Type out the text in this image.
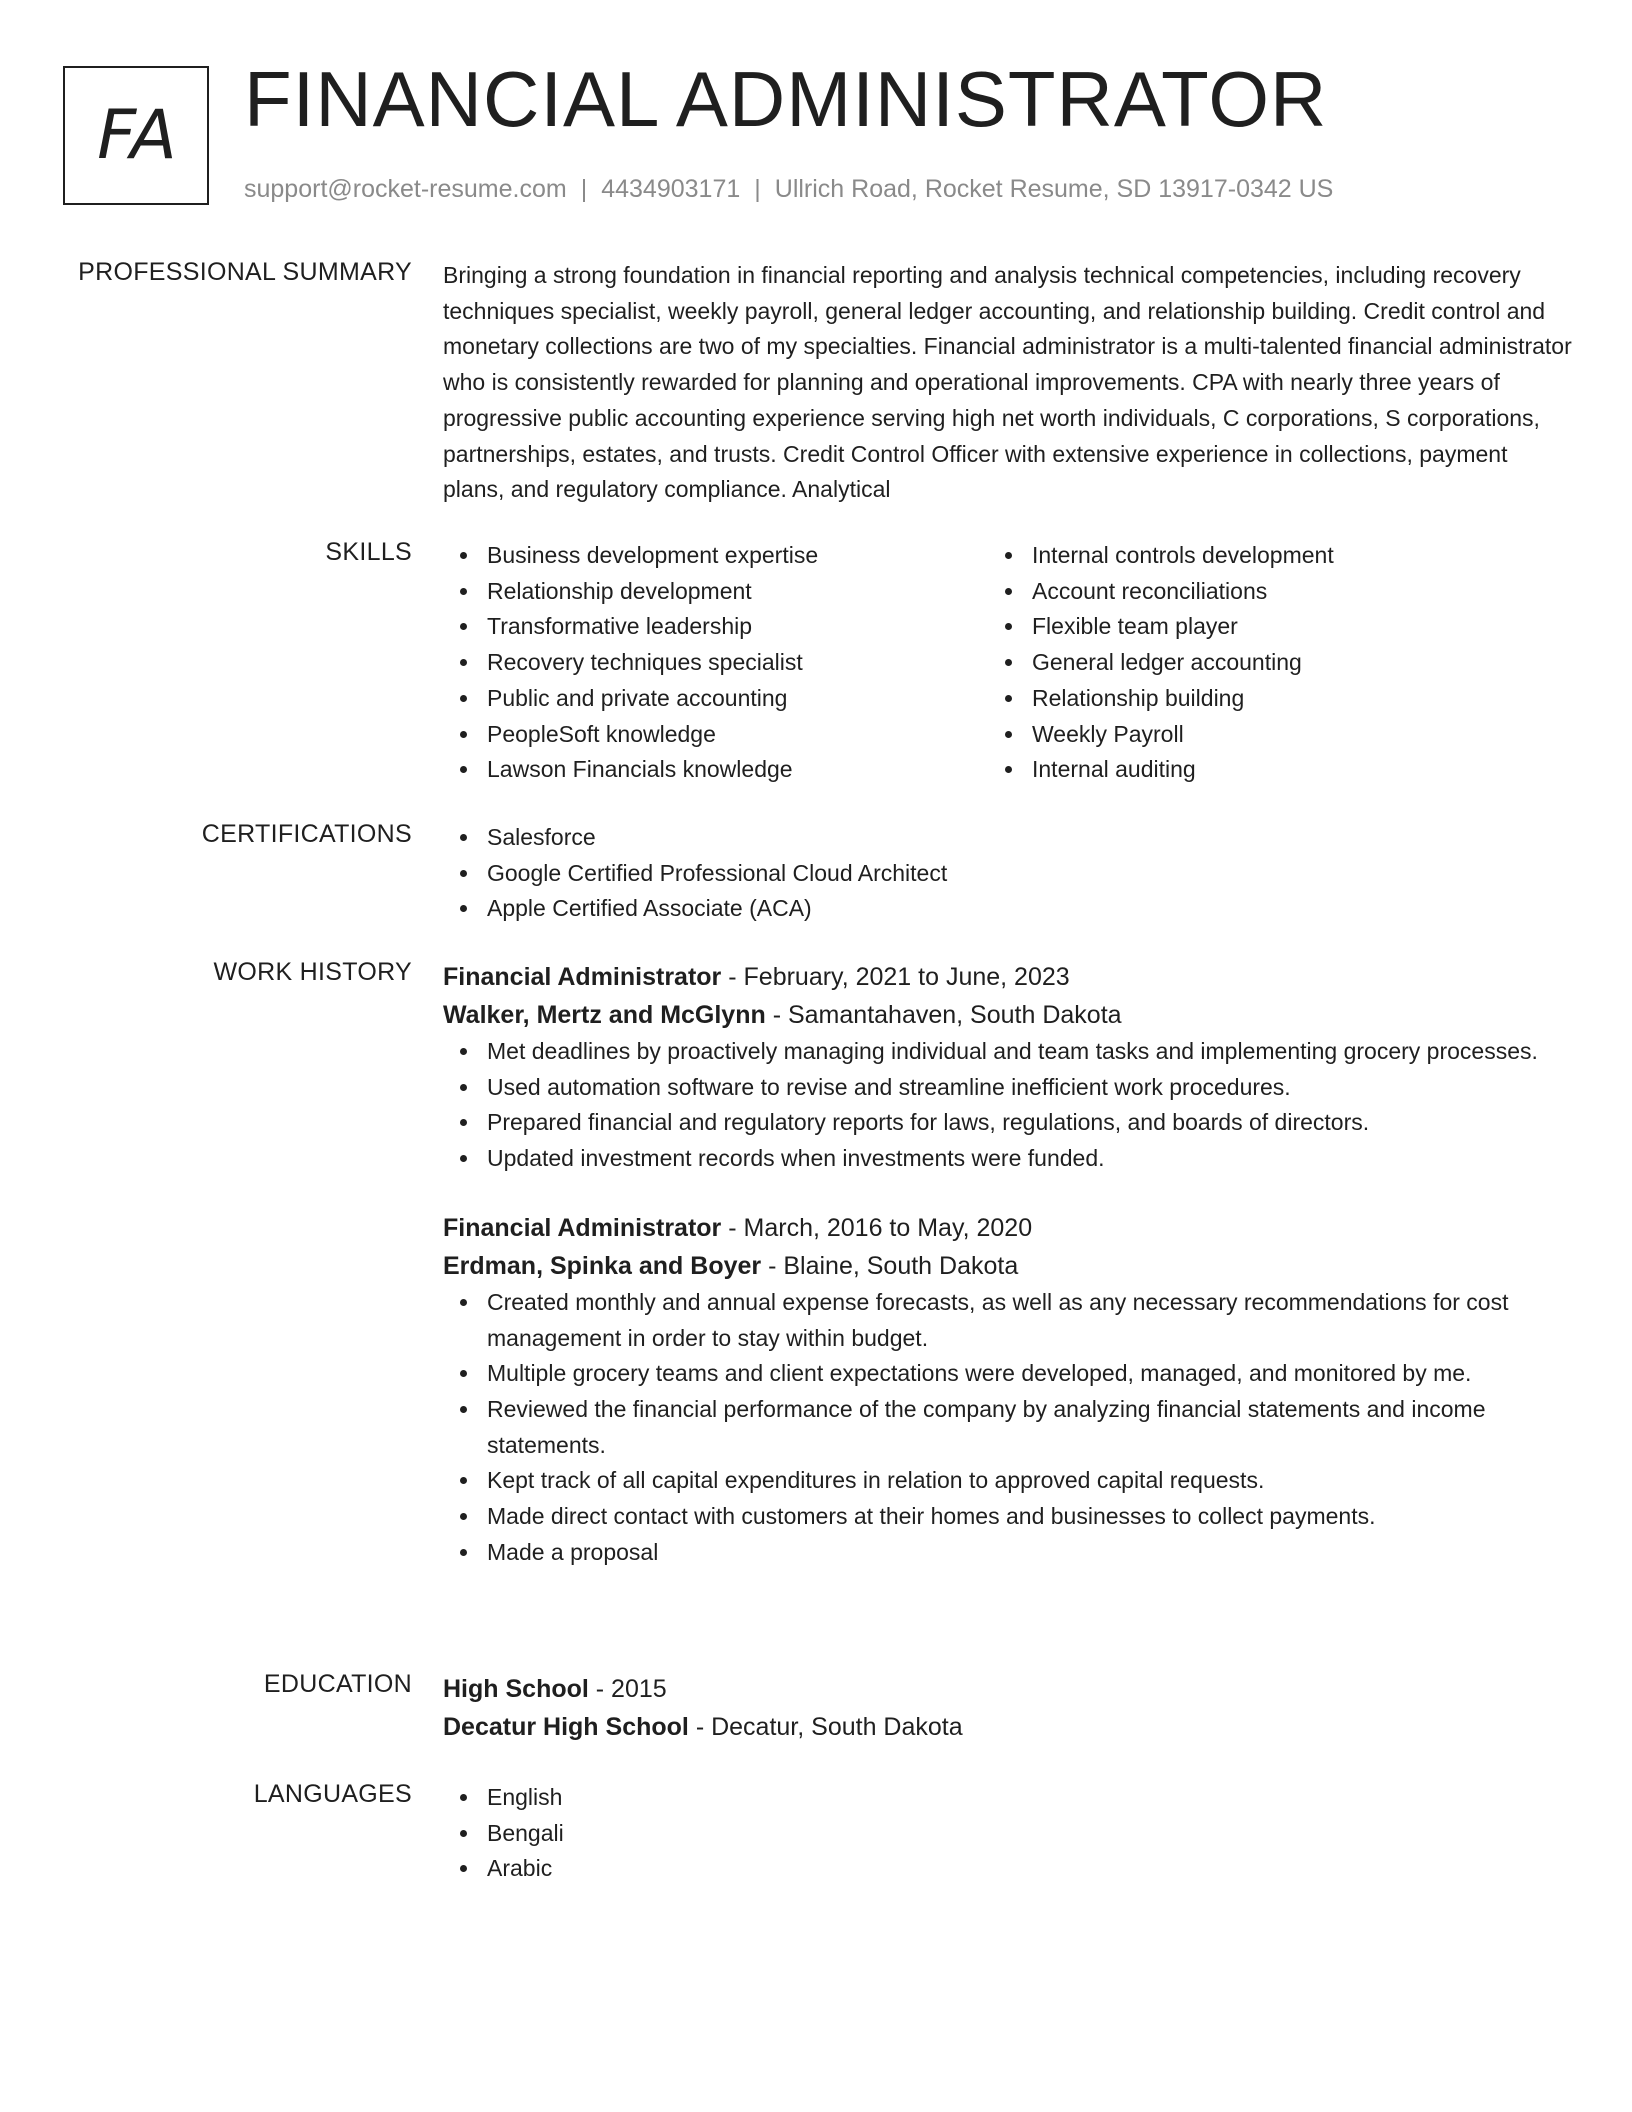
FA FINANCIAL ADMINISTRATOR
support@rocket-resume.com | 4434903171 | Ullrich Road, Rocket Resume, SD 13917-0342 US
PROFESSIONAL SUMMARY Bringing a strong foundation in financial reporting and analysis technical competencies, including recovery techniques specialist, weekly payroll, general ledger accounting, and relationship building. Credit control and monetary collections are two of my specialties. Financial administrator is a multi-talented financial administrator who is consistently rewarded for planning and operational improvements. CPA with nearly three years of progressive public accounting experience serving high net worth individuals, C corporations, S corporations, partnerships, estates, and trusts. Credit Control Officer with extensive experience in collections, payment plans, and regulatory compliance. Analytical

SKILLS	Business development expertise
Relationship development
Transformative leadership
Recovery techniques specialist
Public and private accounting
PeopleSoft knowledge
Lawson Financials knowledge
Internal controls development
Account reconciliations
Flexible team player
General ledger accounting
Relationship building
Weekly Payroll
Internal auditing
CERTIFICATIONS	Salesforce
Google Certified Professional Cloud Architect
Apple Certified Associate (ACA)
WORK HISTORY Financial Administrator - February, 2021 to June, 2023
Walker, Mertz and McGlynn - Samantahaven, South Dakota
Met deadlines by proactively managing individual and team tasks and implementing grocery processes.
Used automation software to revise and streamline inefficient work procedures.
Prepared financial and regulatory reports for laws, regulations, and boards of directors.
Updated investment records when investments were funded.
Financial Administrator - March, 2016 to May, 2020
Erdman, Spinka and Boyer - Blaine, South Dakota
Created monthly and annual expense forecasts, as well as any necessary recommendations for cost management in order to stay within budget.
Multiple grocery teams and client expectations were developed, managed, and monitored by me.
Reviewed the financial performance of the company by analyzing financial statements and income statements.
Kept track of all capital expenditures in relation to approved capital requests.
Made direct contact with customers at their homes and businesses to collect payments.
Made a proposal
EDUCATION High School - 2015
Decatur High School - Decatur, South Dakota
LANGUAGES	English
Bengali
Arabic
